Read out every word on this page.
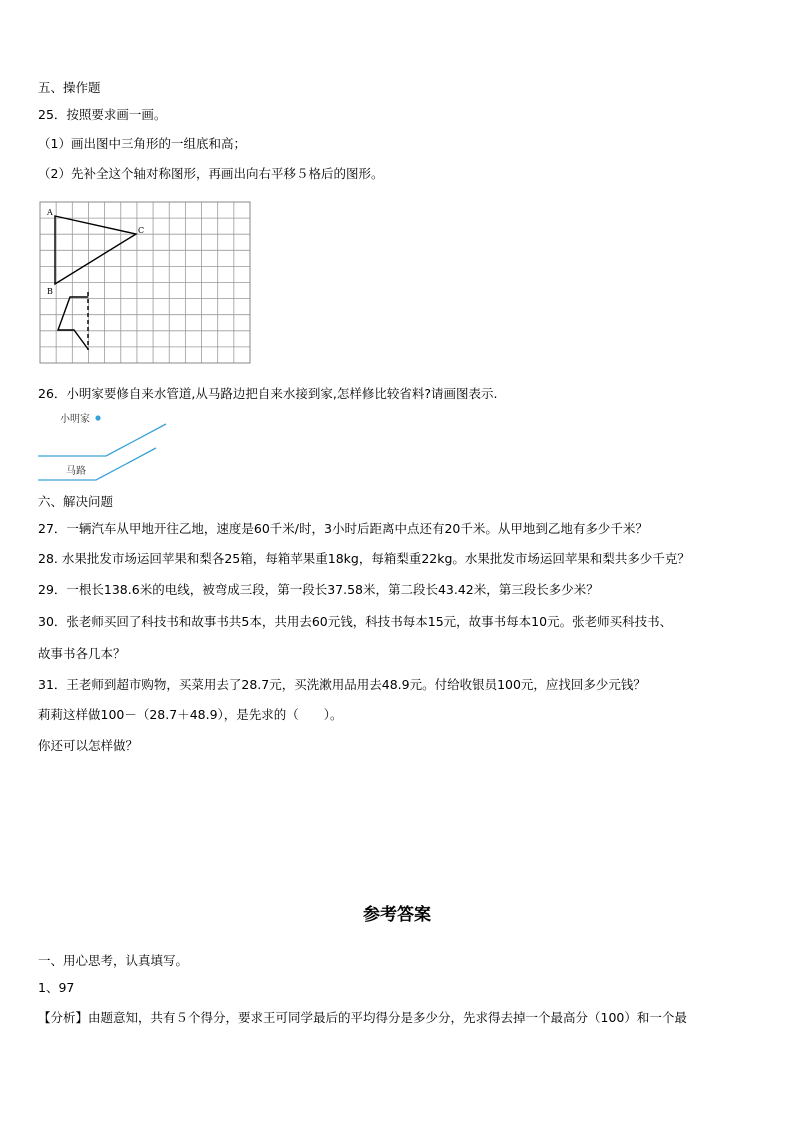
五、操作题
25．按照要求画一画。
（1）画出图中三角形的一组底和高；
（2）先补全这个轴对称图形，再画出向右平移５格后的图形。
A
C
B
26．小明家要修自来水管道,从马路边把自来水接到家,怎样修比较省料?请画图表示.
小明家
马路
六、解决问题
27．一辆汽车从甲地开往乙地，速度是60千米/时，3小时后距离中点还有20千米。从甲地到乙地有多少千米？
28. 水果批发市场运回苹果和梨各25箱，每箱苹果重18kg，每箱梨重22kg。水果批发市场运回苹果和梨共多少千克？
29．一根长138.6米的电线，被弯成三段，第一段长37.58米，第二段长43.42米，第三段长多少米？
30．张老师买回了科技书和故事书共5本，共用去60元钱，科技书每本15元，故事书每本10元。张老师买科技书、
故事书各几本？
31．王老师到超市购物，买菜用去了28.7元，买洗漱用品用去48.9元。付给收银员100元，应找回多少元钱？
莉莉这样做100－（28.7＋48.9），是先求的（　　）。
你还可以怎样做？
参考答案
一、用心思考，认真填写。
1、97
【分析】由题意知，共有５个得分，要求王可同学最后的平均得分是多少分，先求得去掉一个最高分（100）和一个最
